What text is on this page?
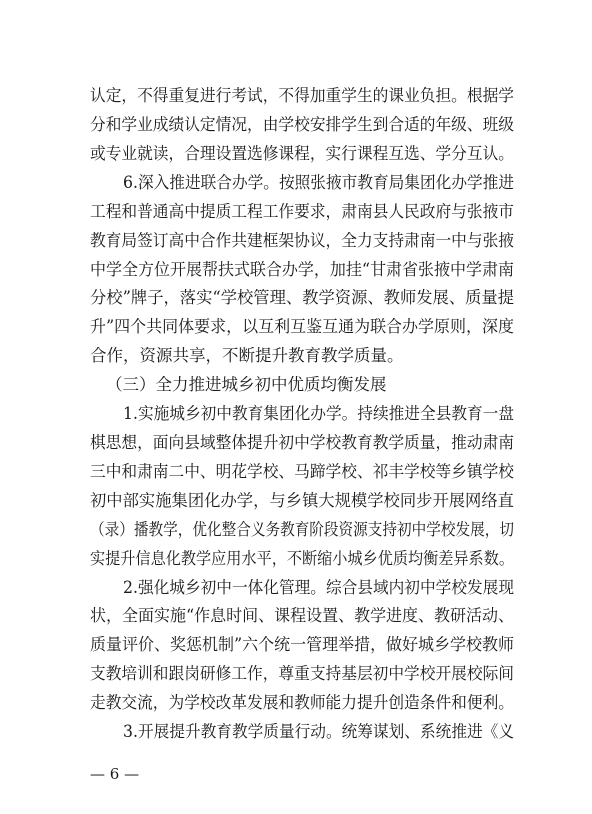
认定，不得重复进行考试，不得加重学生的课业负担。根据学
分和学业成绩认定情况，由学校安排学生到合适的年级、班级
或专业就读，合理设置选修课程，实行课程互选、学分互认。
6.深入推进联合办学。按照张掖市教育局集团化办学推进
工程和普通高中提质工程工作要求，肃南县人民政府与张掖市
教育局签订高中合作共建框架协议，全力支持肃南一中与张掖
中学全方位开展帮扶式联合办学，加挂“甘肃省张掖中学肃南
分校”牌子，落实“学校管理、教学资源、教师发展、质量提
升”四个共同体要求，以互利互鉴互通为联合办学原则，深度
合作，资源共享，不断提升教育教学质量。
（三）全力推进城乡初中优质均衡发展
1.实施城乡初中教育集团化办学。持续推进全县教育一盘
棋思想，面向县域整体提升初中学校教育教学质量，推动肃南
三中和肃南二中、明花学校、马蹄学校、祁丰学校等乡镇学校
初中部实施集团化办学，与乡镇大规模学校同步开展网络直
（录）播教学，优化整合义务教育阶段资源支持初中学校发展，切
实提升信息化教学应用水平，不断缩小城乡优质均衡差异系数。
2.强化城乡初中一体化管理。综合县域内初中学校发展现
状，全面实施“作息时间、课程设置、教学进度、教研活动、
质量评价、奖惩机制”六个统一管理举措，做好城乡学校教师
支教培训和跟岗研修工作，尊重支持基层初中学校开展校际间
走教交流，为学校改革发展和教师能力提升创造条件和便利。
3.开展提升教育教学质量行动。统筹谋划、系统推进《义
— 6 —
